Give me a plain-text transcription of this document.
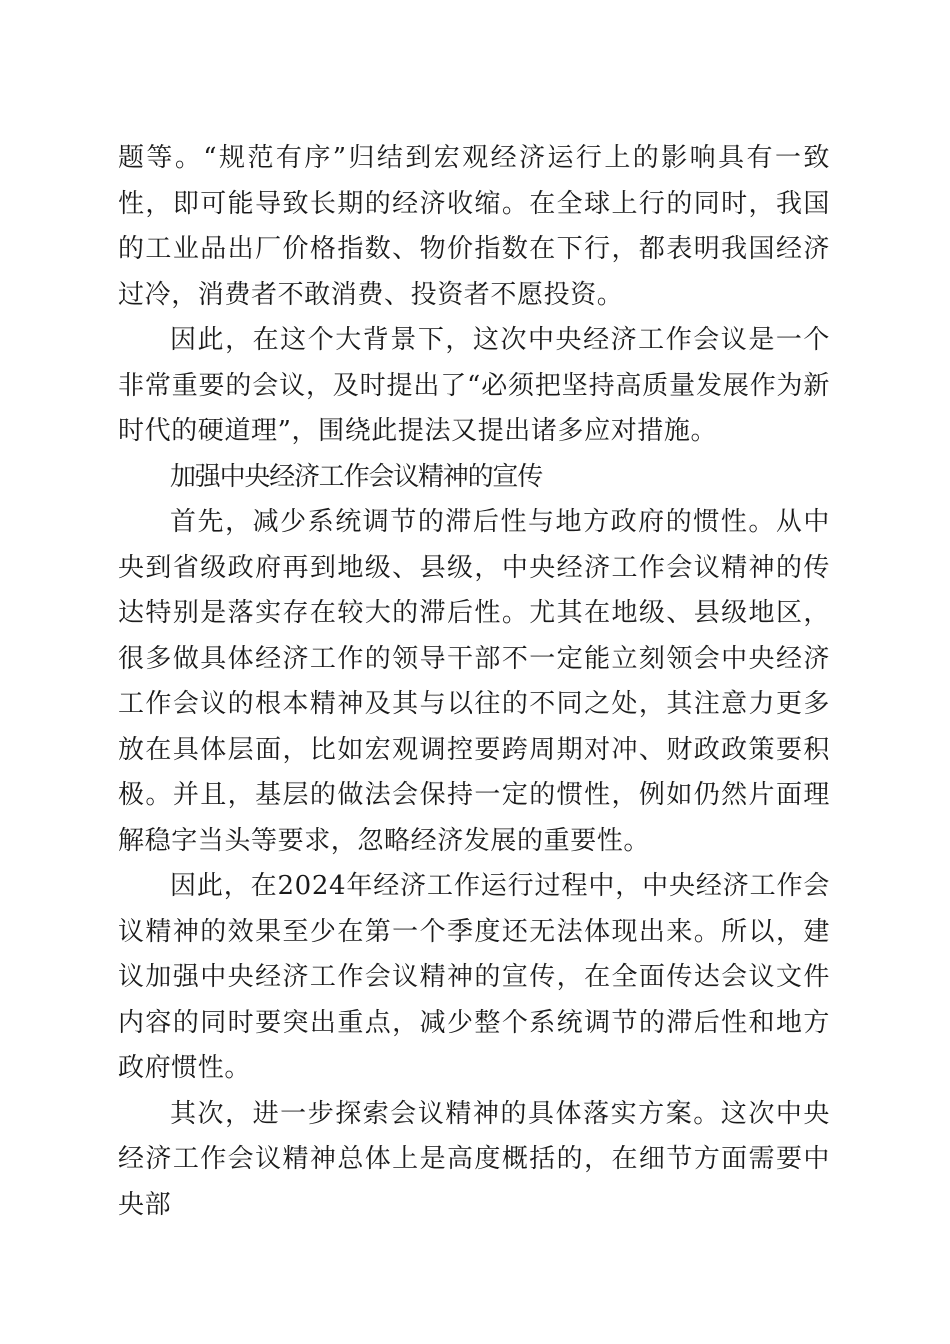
题等。“规范有序”归结到宏观经济运行上的影响具有一致性，即可能导致长期的经济收缩。在全球上行的同时，我国的工业品出厂价格指数、物价指数在下行，都表明我国经济过冷，消费者不敢消费、投资者不愿投资。

因此，在这个大背景下，这次中央经济工作会议是一个非常重要的会议，及时提出了“必须把坚持高质量发展作为新时代的硬道理”，围绕此提法又提出诸多应对措施。

加强中央经济工作会议精神的宣传

首先，减少系统调节的滞后性与地方政府的惯性。从中央到省级政府再到地级、县级，中央经济工作会议精神的传达特别是落实存在较大的滞后性。尤其在地级、县级地区，很多做具体经济工作的领导干部不一定能立刻领会中央经济工作会议的根本精神及其与以往的不同之处，其注意力更多放在具体层面，比如宏观调控要跨周期对冲、财政政策要积极。并且，基层的做法会保持一定的惯性，例如仍然片面理解稳字当头等要求，忽略经济发展的重要性。

因此，在2024年经济工作运行过程中，中央经济工作会议精神的效果至少在第一个季度还无法体现出来。所以，建议加强中央经济工作会议精神的宣传，在全面传达会议文件内容的同时要突出重点，减少整个系统调节的滞后性和地方政府惯性。

其次，进一步探索会议精神的具体落实方案。这次中央经济工作会议精神总体上是高度概括的，在细节方面需要中央部
